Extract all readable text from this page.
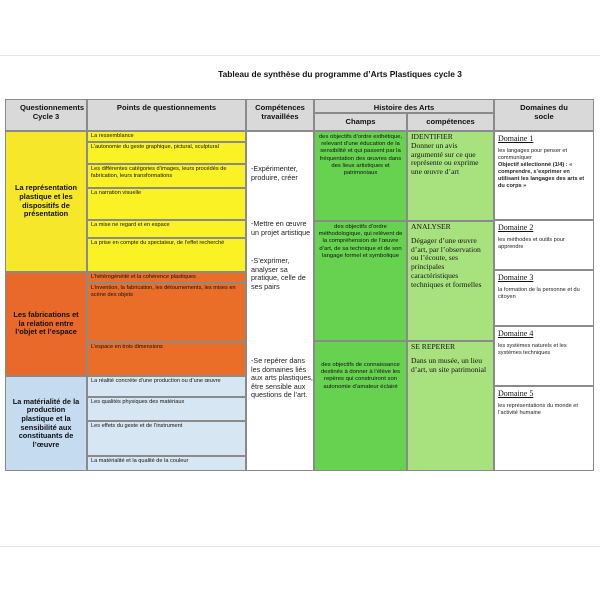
Tableau de synthèse du programme d’Arts Plastiques cycle 3
Questionnements Cycle 3
Points de questionnements	Compétences travaillées
Histoire des Arts
Champs	compétences
Domaines du socle
La représentation plastique et les dispositifs de présentation
Les fabrications et la relation entre l’objet et l’espace
La matérialité de la production plastique et la sensibilité aux constituants de l’œuvre
La ressemblance
L’autonomie du geste graphique, pictural, sculptural
Les différentes catégories d’images, leurs procédés de fabrication, leurs transformations
La narration visuelle
La mise ne regard et en espace
La prise en compte du spectateur, de l’effet recherché
L’hétérogénéité et la cohérence plastiques
L’invention, la fabrication, les détournements, les mises en scène des objets
L’espace en trois dimensions
La réalité concrète d’une production ou d’une œuvre
Les qualités physiques des matériaux
Les effets du geste et de l’instrument
La matérialité et la qualité de la couleur
-Expérimenter, produire, créer
-Mettre en œuvre un projet artistique
-S’exprimer, analyser sa pratique, celle de ses pairs
-Se repérer dans les domaines liés aux arts plastiques, être sensible aux questions de l’art.
des objectifs d’ordre esthétique, relevant d’une éducation de la sensibilité et qui passent par la fréquentation des œuvres dans des lieux artistiques et patrimoniaux
des objectifs d’ordre méthodologique, qui relèvent de la compréhension de l’œuvre d’art, de sa technique et de son langage formel et symbolique
des objectifs de connaissance destinés à donner à l’élève les repères qui construiront son autonomie d’amateur éclairé
IDENTIFIER
Donner un avis argumenté sur ce que représente ou exprime une œuvre d’art
ANALYSER
Dégager d’une œuvre d’art, par l’observation ou l’écoute, ses principales caractéristiques techniques et formelles
SE REPERER
Dans un musée, un lieu d’art, un site patrimonial
Domaine 1
les langages pour penser et communiquer
Objectif sélectionné (1/4) : « comprendre, s’exprimer en utilisant les langages des arts et du corps »
Domaine 2
les méthodes et outils pour apprendre
Domaine 3
la formation de la personne et du citoyen
Domaine 4
les systèmes naturels et les systèmes techniques
Domaine 5
les représentations du monde et l’activité humaine
